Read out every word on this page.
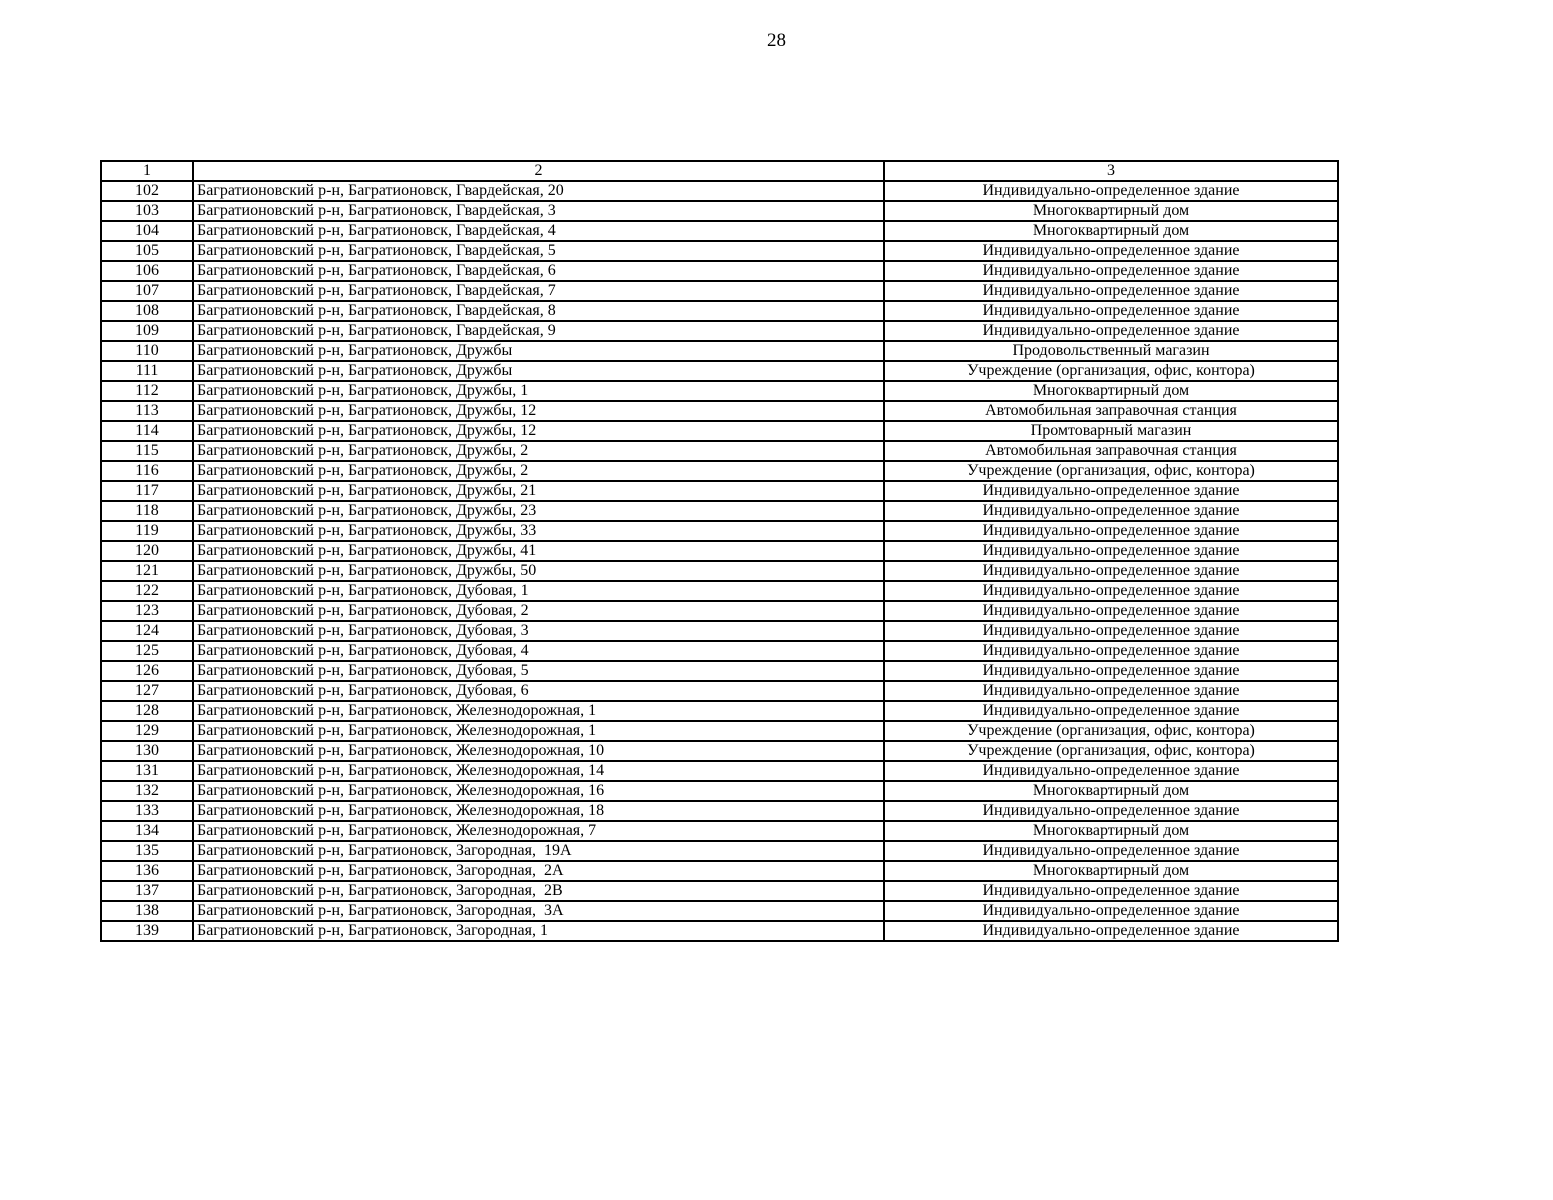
28
1	2	3
102	Багратионовский р-н, Багратионовск, Гвардейская, 20	Индивидуально-определенное здание
103	Багратионовский р-н, Багратионовск, Гвардейская, 3	Многоквартирный дом
104	Багратионовский р-н, Багратионовск, Гвардейская, 4	Многоквартирный дом
105	Багратионовский р-н, Багратионовск, Гвардейская, 5	Индивидуально-определенное здание
106	Багратионовский р-н, Багратионовск, Гвардейская, 6	Индивидуально-определенное здание
107	Багратионовский р-н, Багратионовск, Гвардейская, 7	Индивидуально-определенное здание
108	Багратионовский р-н, Багратионовск, Гвардейская, 8	Индивидуально-определенное здание
109	Багратионовский р-н, Багратионовск, Гвардейская, 9	Индивидуально-определенное здание
110	Багратионовский р-н, Багратионовск, Дружбы	Продовольственный магазин
111	Багратионовский р-н, Багратионовск, Дружбы	Учреждение (организация, офис, контора)
112	Багратионовский р-н, Багратионовск, Дружбы, 1	Многоквартирный дом
113	Багратионовский р-н, Багратионовск, Дружбы, 12	Автомобильная заправочная станция
114	Багратионовский р-н, Багратионовск, Дружбы, 12	Промтоварный магазин
115	Багратионовский р-н, Багратионовск, Дружбы, 2	Автомобильная заправочная станция
116	Багратионовский р-н, Багратионовск, Дружбы, 2	Учреждение (организация, офис, контора)
117	Багратионовский р-н, Багратионовск, Дружбы, 21	Индивидуально-определенное здание
118	Багратионовский р-н, Багратионовск, Дружбы, 23	Индивидуально-определенное здание
119	Багратионовский р-н, Багратионовск, Дружбы, 33	Индивидуально-определенное здание
120	Багратионовский р-н, Багратионовск, Дружбы, 41	Индивидуально-определенное здание
121	Багратионовский р-н, Багратионовск, Дружбы, 50	Индивидуально-определенное здание
122	Багратионовский р-н, Багратионовск, Дубовая, 1	Индивидуально-определенное здание
123	Багратионовский р-н, Багратионовск, Дубовая, 2	Индивидуально-определенное здание
124	Багратионовский р-н, Багратионовск, Дубовая, 3	Индивидуально-определенное здание
125	Багратионовский р-н, Багратионовск, Дубовая, 4	Индивидуально-определенное здание
126	Багратионовский р-н, Багратионовск, Дубовая, 5	Индивидуально-определенное здание
127	Багратионовский р-н, Багратионовск, Дубовая, 6	Индивидуально-определенное здание
128	Багратионовский р-н, Багратионовск, Железнодорожная, 1	Индивидуально-определенное здание
129	Багратионовский р-н, Багратионовск, Железнодорожная, 1	Учреждение (организация, офис, контора)
130	Багратионовский р-н, Багратионовск, Железнодорожная, 10	Учреждение (организация, офис, контора)
131	Багратионовский р-н, Багратионовск, Железнодорожная, 14	Индивидуально-определенное здание
132	Багратионовский р-н, Багратионовск, Железнодорожная, 16	Многоквартирный дом
133	Багратионовский р-н, Багратионовск, Железнодорожная, 18	Индивидуально-определенное здание
134	Багратионовский р-н, Багратионовск, Железнодорожная, 7	Многоквартирный дом
135	Багратионовский р-н, Багратионовск, Загородная,  19А	Индивидуально-определенное здание
136	Багратионовский р-н, Багратионовск, Загородная,  2А	Многоквартирный дом
137	Багратионовский р-н, Багратионовск, Загородная,  2В	Индивидуально-определенное здание
138	Багратионовский р-н, Багратионовск, Загородная,  3А	Индивидуально-определенное здание
139	Багратионовский р-н, Багратионовск, Загородная, 1	Индивидуально-определенное здание
